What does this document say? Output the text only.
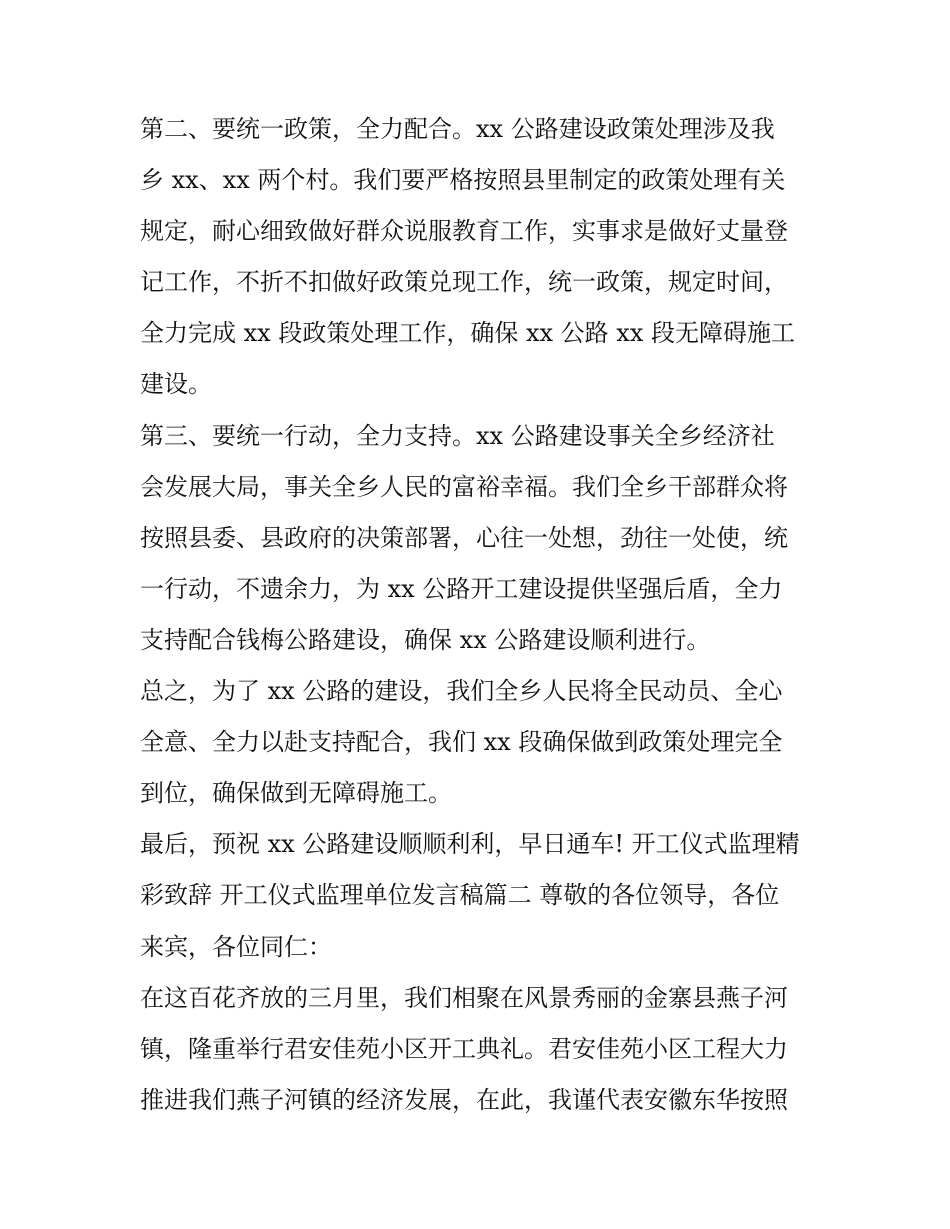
第二、要统一政策，全力配合。xx 公路建设政策处理涉及我
乡 xx、xx 两个村。我们要严格按照县里制定的政策处理有关
规定，耐心细致做好群众说服教育工作，实事求是做好丈量登
记工作，不折不扣做好政策兑现工作，统一政策，规定时间，
全力完成 xx 段政策处理工作，确保 xx 公路 xx 段无障碍施工
建设。
第三、要统一行动，全力支持。xx 公路建设事关全乡经济社
会发展大局，事关全乡人民的富裕幸福。我们全乡干部群众将
按照县委、县政府的决策部署，心往一处想，劲往一处使，统
一行动，不遗余力，为 xx 公路开工建设提供坚强后盾，全力
支持配合钱梅公路建设，确保 xx 公路建设顺利进行。
总之，为了 xx 公路的建设，我们全乡人民将全民动员、全心
全意、全力以赴支持配合，我们 xx 段确保做到政策处理完全
到位，确保做到无障碍施工。
最后，预祝 xx 公路建设顺顺利利，早日通车! 开工仪式监理精
彩致辞 开工仪式监理单位发言稿篇二 尊敬的各位领导，各位
来宾，各位同仁：
在这百花齐放的三月里，我们相聚在风景秀丽的金寨县燕子河
镇，隆重举行君安佳苑小区开工典礼。君安佳苑小区工程大力
推进我们燕子河镇的经济发展，在此，我谨代表安徽东华按照
